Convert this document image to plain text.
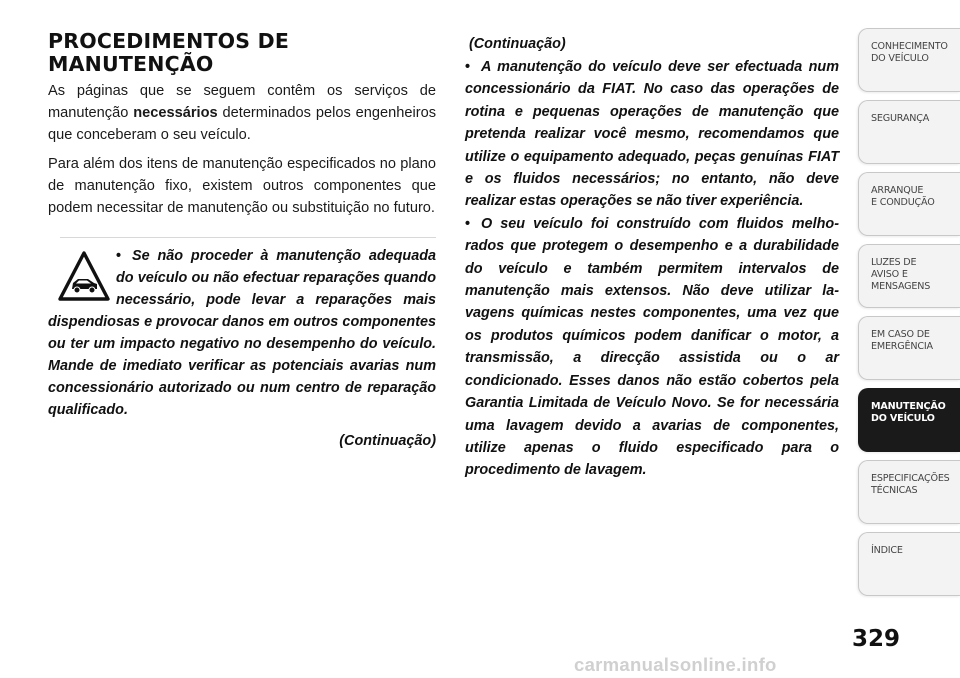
PROCEDIMENTOS DE MANUTENÇÃO

As páginas que se seguem contêm os serviços de manutenção necessários determinados pelos engenheiros que conceberam o seu veículo.

Para além dos itens de manutenção especificados no plano de manutenção fixo, existem outros componentes que podem necessitar de manutenção ou substituição no futuro.

• Se não proceder à manutenção adequada do veículo ou não efectuar reparações quando necessário, pode levar a reparações mais dispendiosas e provocar danos em outros componentes ou ter um impacto negativo no desempenho do veículo. Mande de imediato verificar as potenciais avarias num concessionário autorizado ou num centro de reparação qualificado.
(Continuação)
(Continuação)

• A manutenção do veículo deve ser efectuada num concessionário da FIAT. No caso das operações de rotina e pequenas operações de manutenção que pretenda realizar você mesmo, recomendamos que utilize o equipamento adequado, peças genuínas FIAT e os fluidos necessários; no entanto, não deve realizar estas operações se não tiver experiência.

• O seu veículo foi construído com fluidos melhorados que protegem o desempenho e a durabilidade do veículo e também permitem intervalos de manutenção mais extensos. Não deve utilizar lavagens químicas nestes componentes, uma vez que os produtos químicos podem danificar o motor, a transmissão, a direcção assistida ou o ar condicionado. Esses danos não estão cobertos pela Garantia Limitada de Veículo Novo. Se for necessária uma lavagem devido a avarias de componentes, utilize apenas o fluido especificado para o procedimento de lavagem.

CONHECIMENTO
DO VEÍCULO
SEGURANÇA
ARRANQUE
E CONDUÇÃO
LUZES DE
AVISO E
MENSAGENS
EM CASO DE
EMERGÊNCIA
MANUTENÇÃO
DO VEÍCULO
ESPECIFICAÇÕES
TÉCNICAS
ÍNDICE
329
carmanualsonline.info
